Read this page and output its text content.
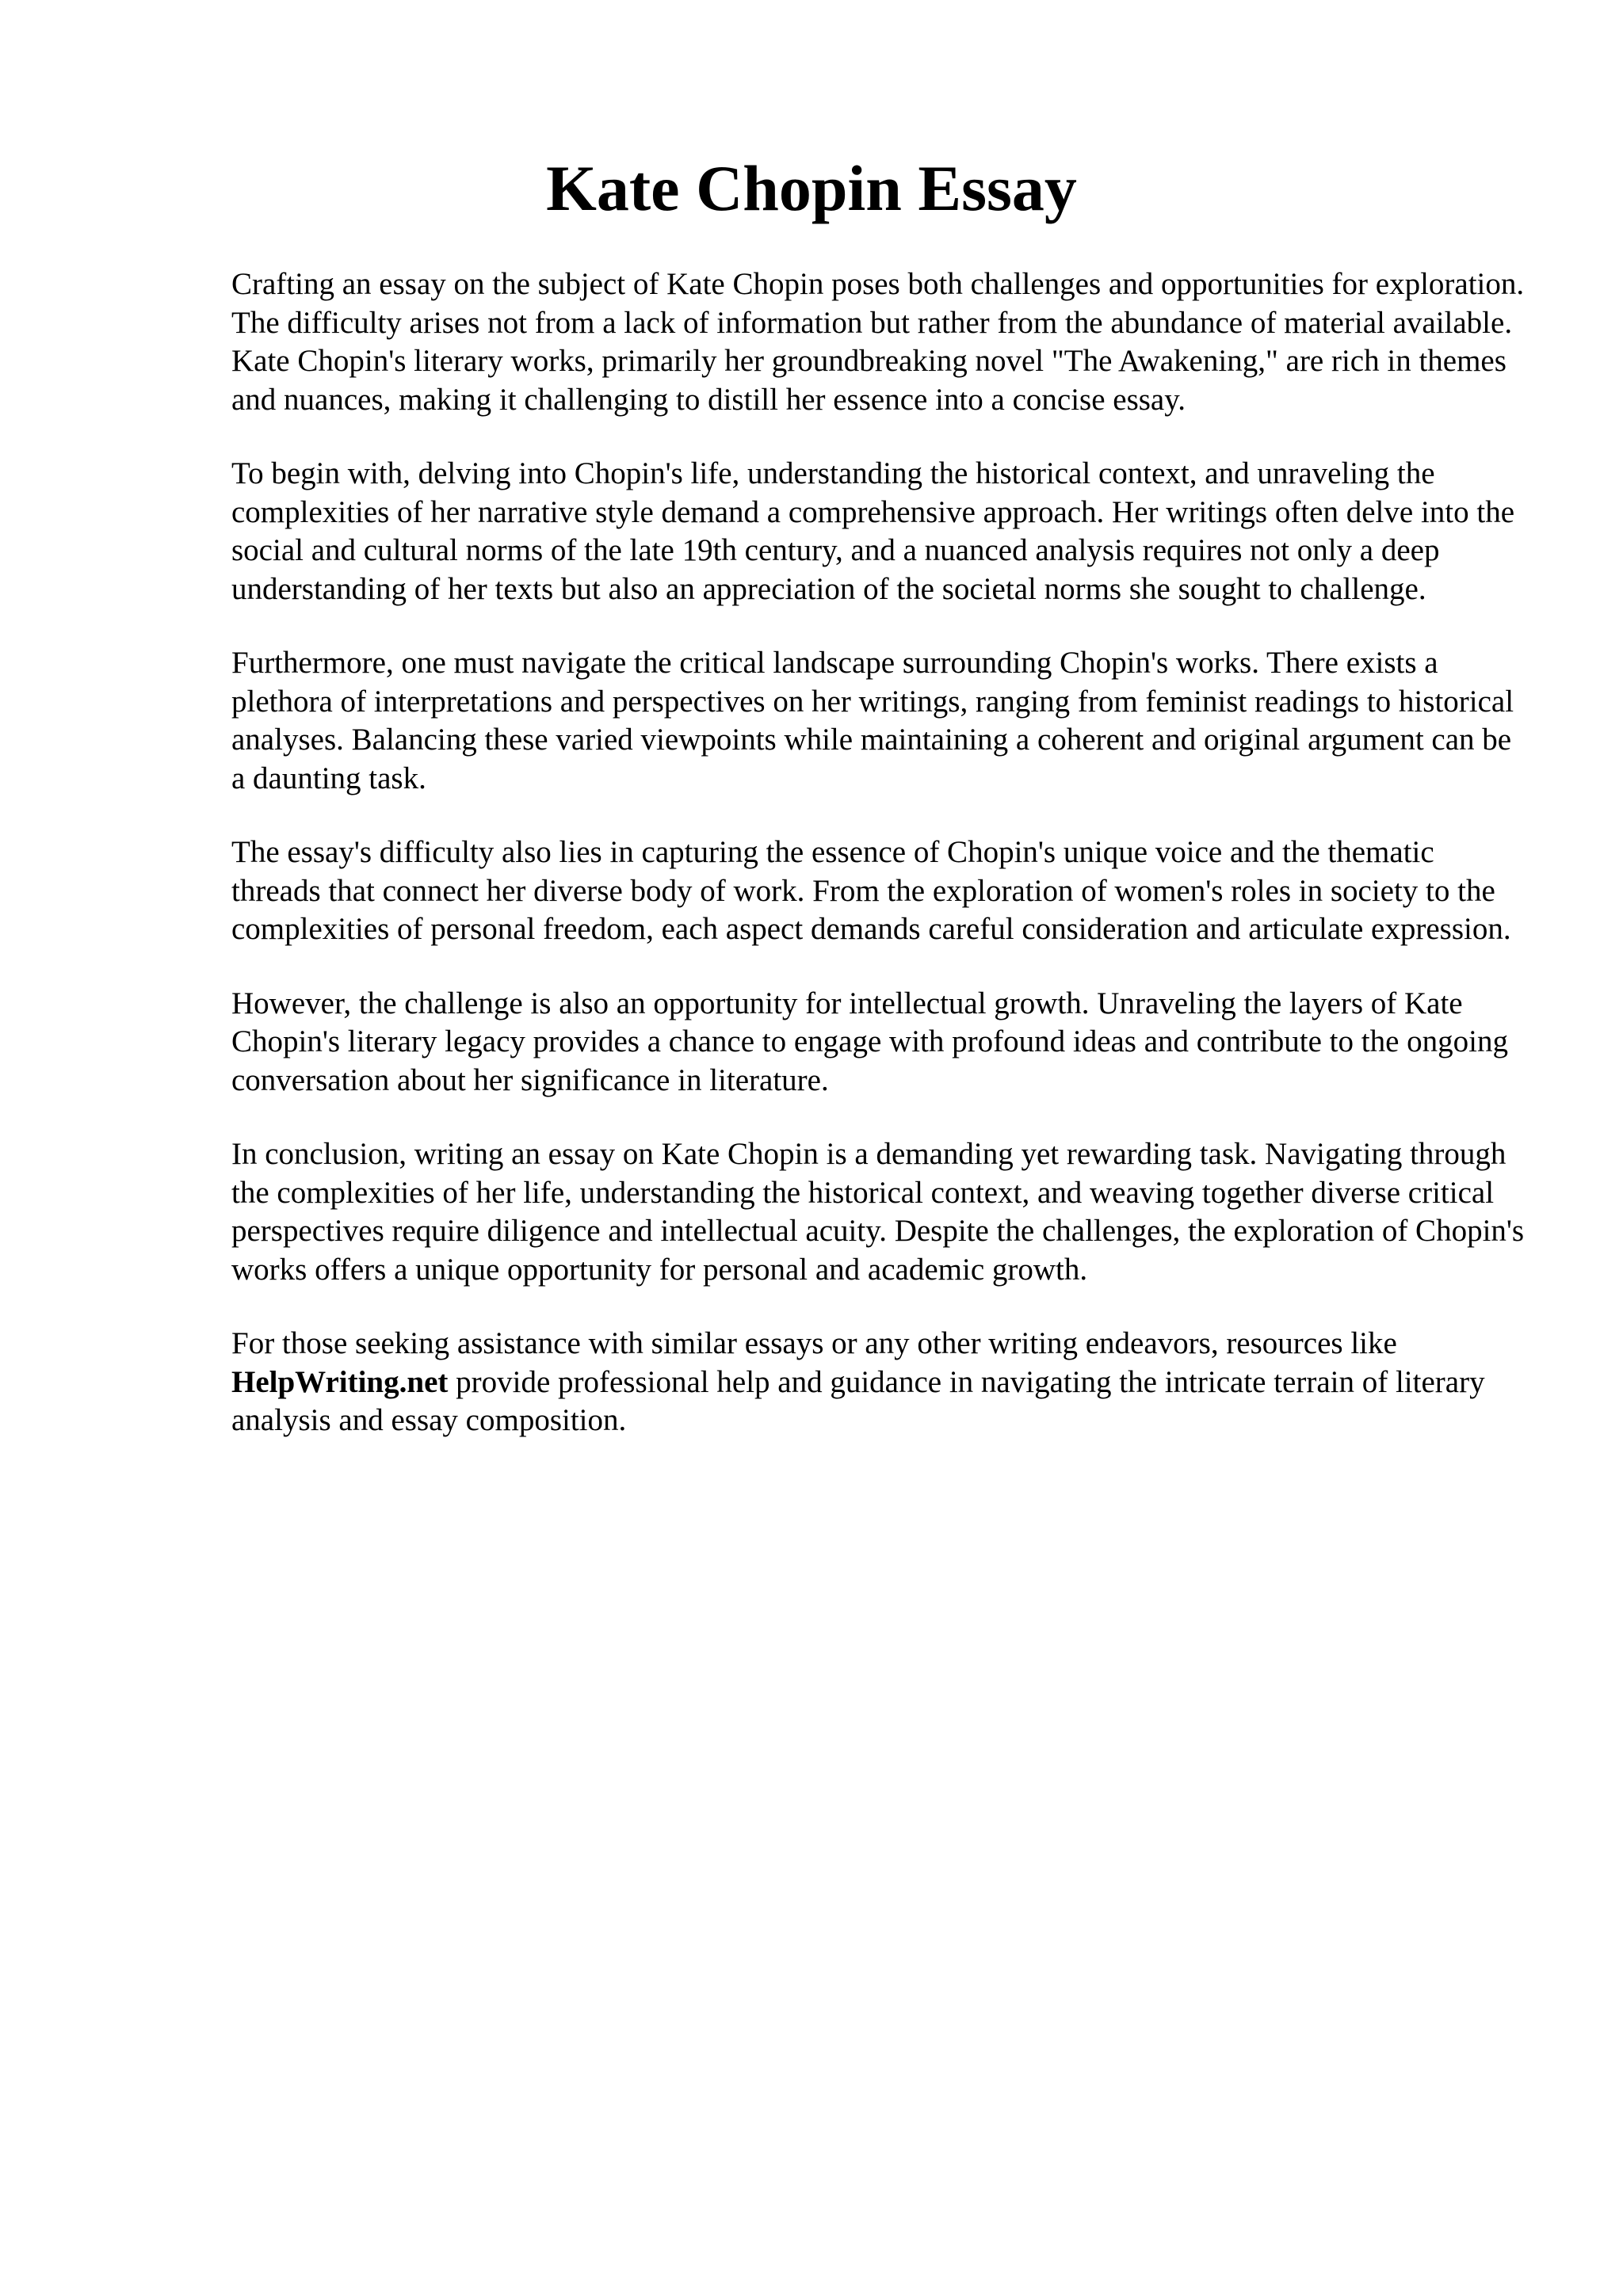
Kate Chopin Essay

Crafting an essay on the subject of Kate Chopin poses both challenges and opportunities for exploration. The difficulty arises not from a lack of information but rather from the abundance of material available. Kate Chopin's literary works, primarily her groundbreaking novel "The Awakening," are rich in themes and nuances, making it challenging to distill her essence into a concise essay.

To begin with, delving into Chopin's life, understanding the historical context, and unraveling the complexities of her narrative style demand a comprehensive approach. Her writings often delve into the social and cultural norms of the late 19th century, and a nuanced analysis requires not only a deep understanding of her texts but also an appreciation of the societal norms she sought to challenge.

Furthermore, one must navigate the critical landscape surrounding Chopin's works. There exists a plethora of interpretations and perspectives on her writings, ranging from feminist readings to historical analyses. Balancing these varied viewpoints while maintaining a coherent and original argument can be a daunting task.

The essay's difficulty also lies in capturing the essence of Chopin's unique voice and the thematic threads that connect her diverse body of work. From the exploration of women's roles in society to the complexities of personal freedom, each aspect demands careful consideration and articulate expression.

However, the challenge is also an opportunity for intellectual growth. Unraveling the layers of Kate Chopin's literary legacy provides a chance to engage with profound ideas and contribute to the ongoing conversation about her significance in literature.

In conclusion, writing an essay on Kate Chopin is a demanding yet rewarding task. Navigating through the complexities of her life, understanding the historical context, and weaving together diverse critical perspectives require diligence and intellectual acuity. Despite the challenges, the exploration of Chopin's works offers a unique opportunity for personal and academic growth.

For those seeking assistance with similar essays or any other writing endeavors, resources like HelpWriting.net provide professional help and guidance in navigating the intricate terrain of literary analysis and essay composition.
